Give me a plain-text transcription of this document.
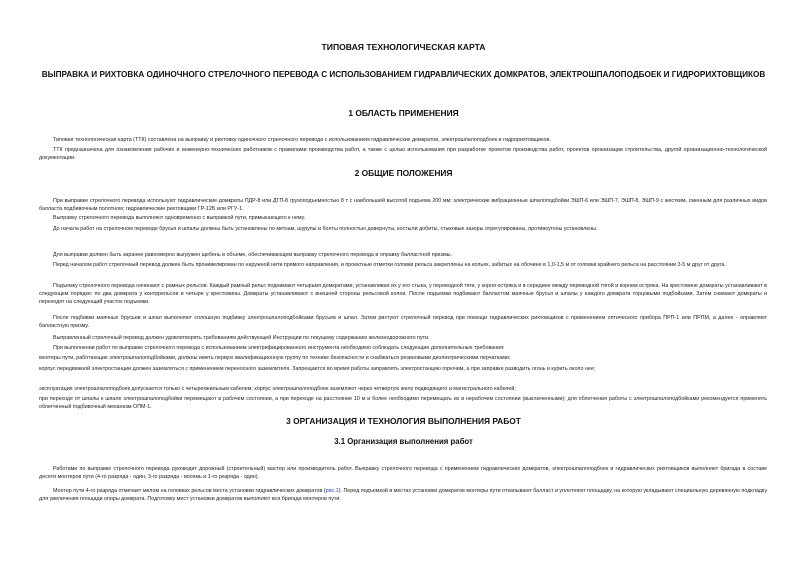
ТИПОВАЯ ТЕХНОЛОГИЧЕСКАЯ КАРТА
ВЫПРАВКА И РИХТОВКА ОДИНОЧНОГО СТРЕЛОЧНОГО ПЕРЕВОДА С ИСПОЛЬЗОВАНИЕМ ГИДРАВЛИЧЕСКИХ ДОМКРАТОВ, ЭЛЕКТРОШПАЛОПОДБОЕК И ГИДРОРИХТОВЩИКОВ
1 ОБЛАСТЬ ПРИМЕНЕНИЯ

Типовая технологическая карта (ТТК) составлена на выправку и рихтовку одиночного стрелочного перевода с использованием гидравлических домкратов, электрошпалоподбоек и гидрорихтовщиков.

ТТК предназначена для ознакомления рабочих и инженерно-технических работников с правилами производства работ, а также с целью использования при разработке проектов производства работ, проектов организации строительства, другой организационно-технологической документации.

2 ОБЩИЕ ПОЛОЖЕНИЯ

При выправке стрелочного перевода используют гидравлические домкраты ПДР-8 или ДГП-8 грузоподъемностью 8 т с наибольшей высотой подъема 200 мм; электрические вибрационные шпалоподбойки ЭШП-6 или ЭШП-7, ЭШП-8, ЭШП-9 с жестким, сменным для различных видов балласта подбивочным полотном; гидравлические рихтовщики ГР-12Б или РГУ-1.

Выправку стрелочного перевода выполняют одновременно с выправкой пути, примыкающего к нему.

До начала работ на стрелочном переводе брусья и шпалы должны быть установлены по меткам, шурупы и болты полностью довернуты, костыли добиты, стыковые зазоры отрегулированы, противоугоны установлены.

Для выправки должен быть заранее равномерно выгружен щебень в объеме, обеспечивающем выправку стрелочного перевода и оправку балластной призмы.

Перед началом работ стрелочный перевод должен быть пронивелирован по наружной нити прямого направления, и проектные отметки головки рельса закреплены на кольях, забитых на обочине в 1,0-1,5 м от головки крайнего рельса на расстоянии 3-5 м друг от друга.

Подъемку стрелочного перевода начинают с рамных рельсов. Каждый рамный рельс поднимают четырьмя домкратами, устанавливая их у его стыка, у переводной тяги, у корня остряка и в середине между переводной тягой и корнем остряка. На крестовине домкраты устанавливают в следующем порядке: по два домкрата у контррельсов и четыре у крестовины. Домкраты устанавливают с внешней стороны рельсовой колеи. После подъемки подбивают балластом маячные брусья и шпалы у каждого домкрата торцовыми подбойками. Затем снимают домкраты и переходят на следующий участок подъемки.

После подбивки маячных брусьев и шпал выполняют сплошную подбивку электрошпалоподбойками брусьев и шпал. Затем рихтуют стрелочный перевод при помощи гидравлических рихтовщиков с применением оптического прибора ПРП-1 или ПРПМ, а далее - оправляют балластную призму.

Выправленный стрелочный перевод должен удовлетворять требованиям действующей Инструкции по текущему содержанию железнодорожного пути.

При выполнении работ по выправке стрелочного перевода с использованием электрифицированного инструмента необходимо соблюдать следующие дополнительные требования:

монтеры пути, работающие электрошпалоподбойками, должны иметь первую квалификационную группу по технике безопасности и снабжаться резиновыми диэлектрическими перчатками;

корпус передвижной электростанции должен заземляться с применением переносного заземлителя. Запрещается во время работы заправлять электростанцию горючим, а при заправке разводить огонь и курить около нее;

эксплуатация электрошпалоподбоек допускается только с четырехжильным кабелем; корпус электрошпалоподбоек заземляют через четвертую жилу подводящего и магистрального кабелей;

при переходе от шпалы к шпале электрошпалоподбойки перемещают в рабочем состоянии, а при переходе на расстояние 10 м и более необходимо перемещать их в нерабочем состоянии (выключенными); для облегчения работы с электрошпалоподбойками рекомендуется применять облегченный подбивочный механизм ОПМ-1.

3 ОРГАНИЗАЦИЯ И ТЕХНОЛОГИЯ ВЫПОЛНЕНИЯ РАБОТ
3.1 Организация выполнения работ

Работами по выправке стрелочного перевода руководит дорожный (строительный) мастер или производитель работ. Выправку стрелочного перевода с применением гидравлических домкратов, электрошпалоподбоек и гидравлических рихтовщиков выполняет бригада в составе десяти монтеров пути (4-го разряда - один, 3-го разряда - восемь и 1-го разряда - один).

Монтер пути 4-го разряда отмечает мелом на головках рельсов места установки гидравлических домкратов (рис.1). Перед подъемкой в местах установки домкратов монтеры пути откапывают балласт и уплотняют площадку, на которую укладывают специальную деревянную подкладку для увеличения площади опоры домкрата. Подготовку мест установки домкратов выполняет вся бригада монтеров пути.
